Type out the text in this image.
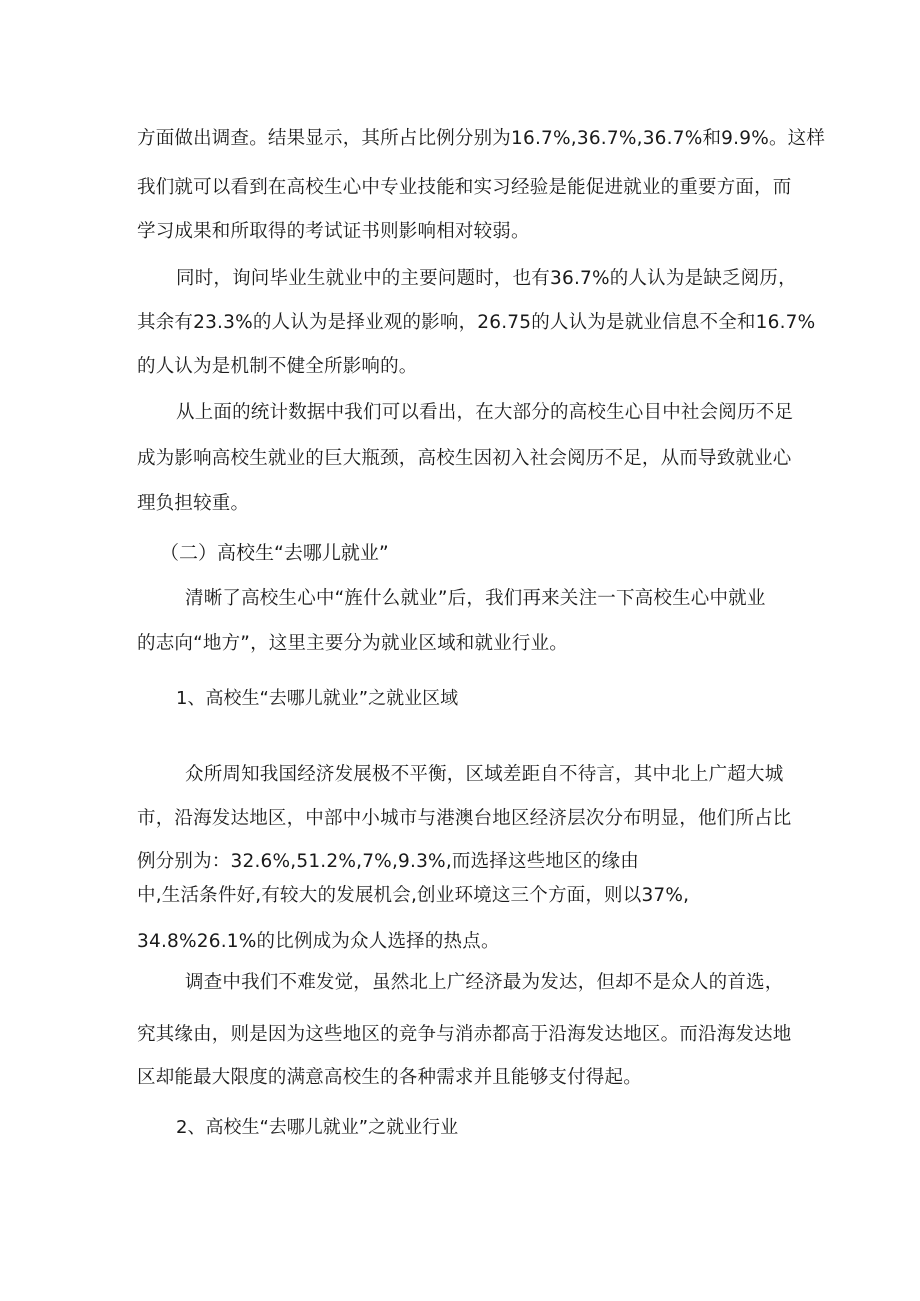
方面做出调查。结果显示，其所占比例分别为16.7%,36.7%,36.7%和9.9%。这样
我们就可以看到在高校生心中专业技能和实习经验是能促进就业的重要方面，而
学习成果和所取得的考试证书则影响相对较弱。
同时，询问毕业生就业中的主要问题时，也有36.7%的人认为是缺乏阅历，
其余有23.3%的人认为是择业观的影响，26.75的人认为是就业信息不全和16.7%
的人认为是机制不健全所影响的。
从上面的统计数据中我们可以看出，在大部分的高校生心目中社会阅历不足
成为影响高校生就业的巨大瓶颈，高校生因初入社会阅历不足，从而导致就业心
理负担较重。
（二）高校生“去哪儿就业”
清晰了高校生心中“旌什么就业”后，我们再来关注一下高校生心中就业
的志向“地方”，这里主要分为就业区域和就业行业。
1、高校生“去哪儿就业”之就业区域
众所周知我国经济发展极不平衡，区域差距自不待言，其中北上广超大城
市，沿海发达地区，中部中小城市与港澳台地区经济层次分布明显，他们所占比
例分别为：32.6%,51.2%,7%,9.3%,而选择这些地区的缘由
中,生活条件好,有较大的发展机会,创业环境这三个方面，则以37%,
34.8%26.1%的比例成为众人选择的热点。
调查中我们不难发觉，虽然北上广经济最为发达，但却不是众人的首选，
究其缘由，则是因为这些地区的竞争与消赤都高于沿海发达地区。而沿海发达地
区却能最大限度的满意高校生的各种需求并且能够支付得起。
2、高校生“去哪儿就业”之就业行业
